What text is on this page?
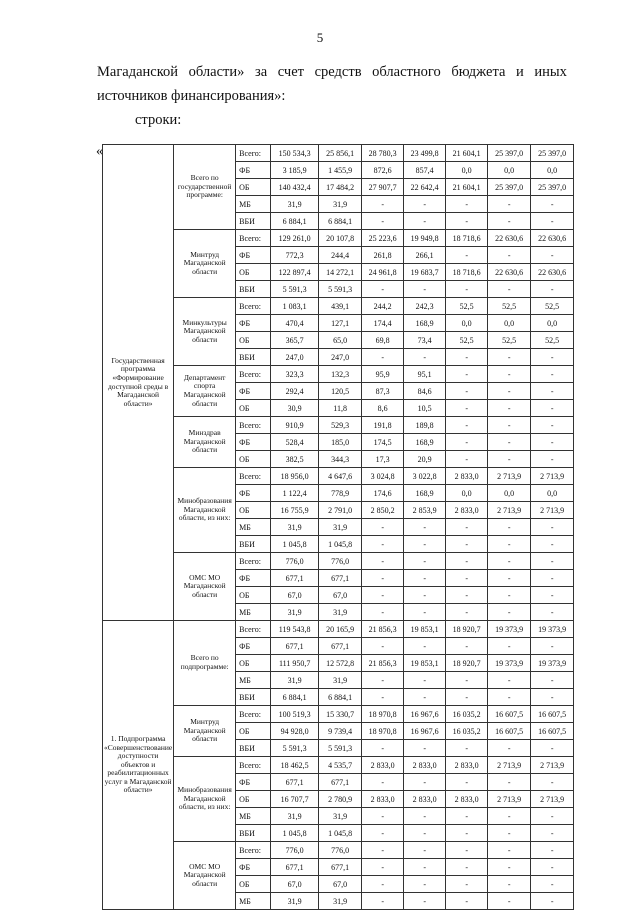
5
Магаданской области» за счет средств областного бюджета и иных
источников финансирования»:
строки:
«
Государственная программа «Формирование доступной среды в Магаданской области»	Всего по государственной программе:	Всего:	150 534,3	25 856,1	28 780,3	23 499,8	21 604,1	25 397,0	25 397,0
		ФБ	3 185,9	1 455,9	872,6	857,4	0,0	0,0	0,0
		ОБ	140 432,4	17 484,2	27 907,7	22 642,4	21 604,1	25 397,0	25 397,0
		МБ	31,9	31,9	-	-	-	-	-
		ВБИ	6 884,1	6 884,1	-	-	-	-	-
	Минтруд Магаданской области	Всего:	129 261,0	20 107,8	25 223,6	19 949,8	18 718,6	22 630,6	22 630,6
		ФБ	772,3	244,4	261,8	266,1	-	-	-
		ОБ	122 897,4	14 272,1	24 961,8	19 683,7	18 718,6	22 630,6	22 630,6
		ВБИ	5 591,3	5 591,3	-	-	-	-	-
	Минкультуры Магаданской области	Всего:	1 083,1	439,1	244,2	242,3	52,5	52,5	52,5
		ФБ	470,4	127,1	174,4	168,9	0,0	0,0	0,0
		ОБ	365,7	65,0	69,8	73,4	52,5	52,5	52,5
		ВБИ	247,0	247,0	-	-	-	-	-
	Департамент спорта Магаданской области	Всего:	323,3	132,3	95,9	95,1	-	-	-
		ФБ	292,4	120,5	87,3	84,6	-	-	-
		ОБ	30,9	11,8	8,6	10,5	-	-	-
	Минздрав Магаданской области	Всего:	910,9	529,3	191,8	189,8	-	-	-
		ФБ	528,4	185,0	174,5	168,9	-	-	-
		ОБ	382,5	344,3	17,3	20,9	-	-	-
	Минобразования Магаданской области, из них:	Всего:	18 956,0	4 647,6	3 024,8	3 022,8	2 833,0	2 713,9	2 713,9
		ФБ	1 122,4	778,9	174,6	168,9	0,0	0,0	0,0
		ОБ	16 755,9	2 791,0	2 850,2	2 853,9	2 833,0	2 713,9	2 713,9
		МБ	31,9	31,9	-	-	-	-	-
		ВБИ	1 045,8	1 045,8	-	-	-	-	-
	ОМС МО Магаданской области	Всего:	776,0	776,0	-	-	-	-	-
		ФБ	677,1	677,1	-	-	-	-	-
		ОБ	67,0	67,0	-	-	-	-	-
		МБ	31,9	31,9	-	-	-	-	-
1. Подпрограмма «Совершенствование доступности объектов и реабилитационных услуг в Магаданской области»	Всего по подпрограмме:	Всего:	119 543,8	20 165,9	21 856,3	19 853,1	18 920,7	19 373,9	19 373,9
		ФБ	677,1	677,1	-	-	-	-	-
		ОБ	111 950,7	12 572,8	21 856,3	19 853,1	18 920,7	19 373,9	19 373,9
		МБ	31,9	31,9	-	-	-	-	-
		ВБИ	6 884,1	6 884,1	-	-	-	-	-
	Минтруд Магаданской области	Всего:	100 519,3	15 330,7	18 970,8	16 967,6	16 035,2	16 607,5	16 607,5
		ОБ	94 928,0	9 739,4	18 970,8	16 967,6	16 035,2	16 607,5	16 607,5
		ВБИ	5 591,3	5 591,3	-	-	-	-	-
	Минобразования Магаданской области, из них:	Всего:	18 462,5	4 535,7	2 833,0	2 833,0	2 833,0	2 713,9	2 713,9
		ФБ	677,1	677,1	-	-	-	-	-
		ОБ	16 707,7	2 780,9	2 833,0	2 833,0	2 833,0	2 713,9	2 713,9
		МБ	31,9	31,9	-	-	-	-	-
		ВБИ	1 045,8	1 045,8	-	-	-	-	-
	ОМС МО Магаданской области	Всего:	776,0	776,0	-	-	-	-	-
		ФБ	677,1	677,1	-	-	-	-	-
		ОБ	67,0	67,0	-	-	-	-	-
		МБ	31,9	31,9	-	-	-	-	-
